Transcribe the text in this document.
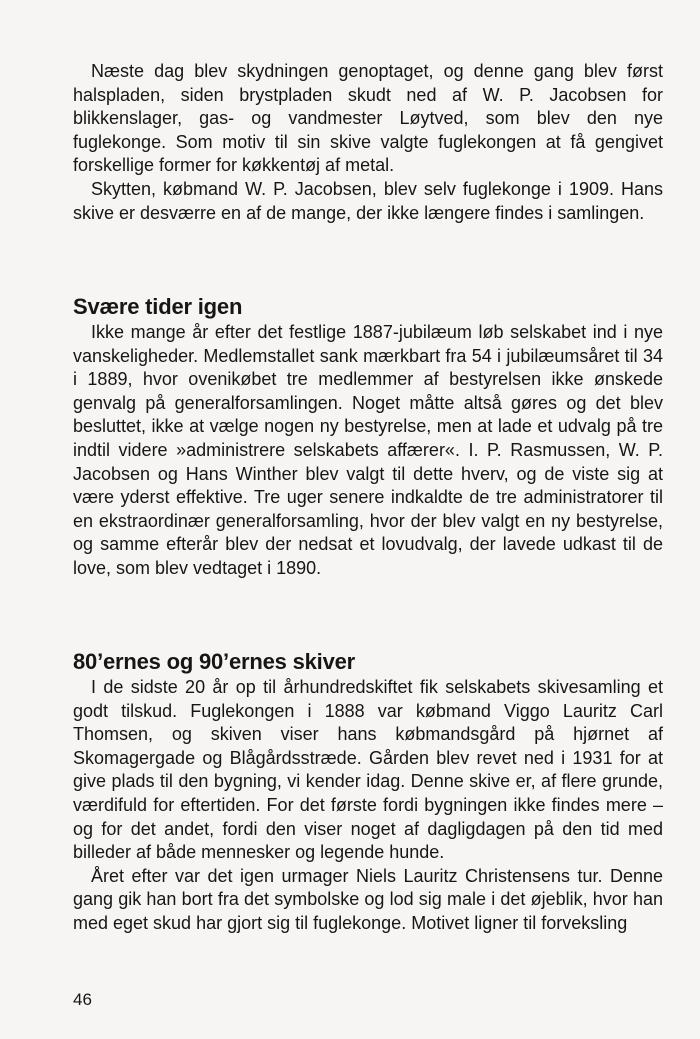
Næste dag blev skydningen genoptaget, og denne gang blev først halspladen, siden brystpladen skudt ned af W. P. Jacobsen for blikkenslager, gas- og vandmester Løytved, som blev den nye fuglekonge. Som motiv til sin skive valgte fuglekongen at få gengivet forskellige former for køkkentøj af metal.

Skytten, købmand W. P. Jacobsen, blev selv fuglekonge i 1909. Hans skive er desværre en af de mange, der ikke længere findes i samlingen.

Svære tider igen

Ikke mange år efter det festlige 1887-jubilæum løb selskabet ind i nye vanskeligheder. Medlemstallet sank mærkbart fra 54 i jubilæumsåret til 34 i 1889, hvor ovenikøbet tre medlemmer af bestyrelsen ikke ønskede genvalg på generalforsamlingen. Noget måtte altså gøres og det blev besluttet, ikke at vælge nogen ny bestyrelse, men at lade et udvalg på tre indtil videre »administrere selskabets affærer«. I. P. Rasmussen, W. P. Jacobsen og Hans Winther blev valgt til dette hverv, og de viste sig at være yderst effektive. Tre uger senere indkaldte de tre administratorer til en ekstraordinær generalforsamling, hvor der blev valgt en ny bestyrelse, og samme efterår blev der nedsat et lovudvalg, der lavede udkast til de love, som blev vedtaget i 1890.

80’ernes og 90’ernes skiver

I de sidste 20 år op til århundredskiftet fik selskabets skivesamling et godt tilskud. Fuglekongen i 1888 var købmand Viggo Lauritz Carl Thomsen, og skiven viser hans købmandsgård på hjørnet af Skomagergade og Blågårdsstræde. Gården blev revet ned i 1931 for at give plads til den bygning, vi kender idag. Denne skive er, af flere grunde, værdifuld for eftertiden. For det første fordi bygningen ikke findes mere – og for det andet, fordi den viser noget af dagligdagen på den tid med billeder af både mennesker og legende hunde.

Året efter var det igen urmager Niels Lauritz Christensens tur. Denne gang gik han bort fra det symbolske og lod sig male i det øjeblik, hvor han med eget skud har gjort sig til fuglekonge. Motivet ligner til forveksling

46
